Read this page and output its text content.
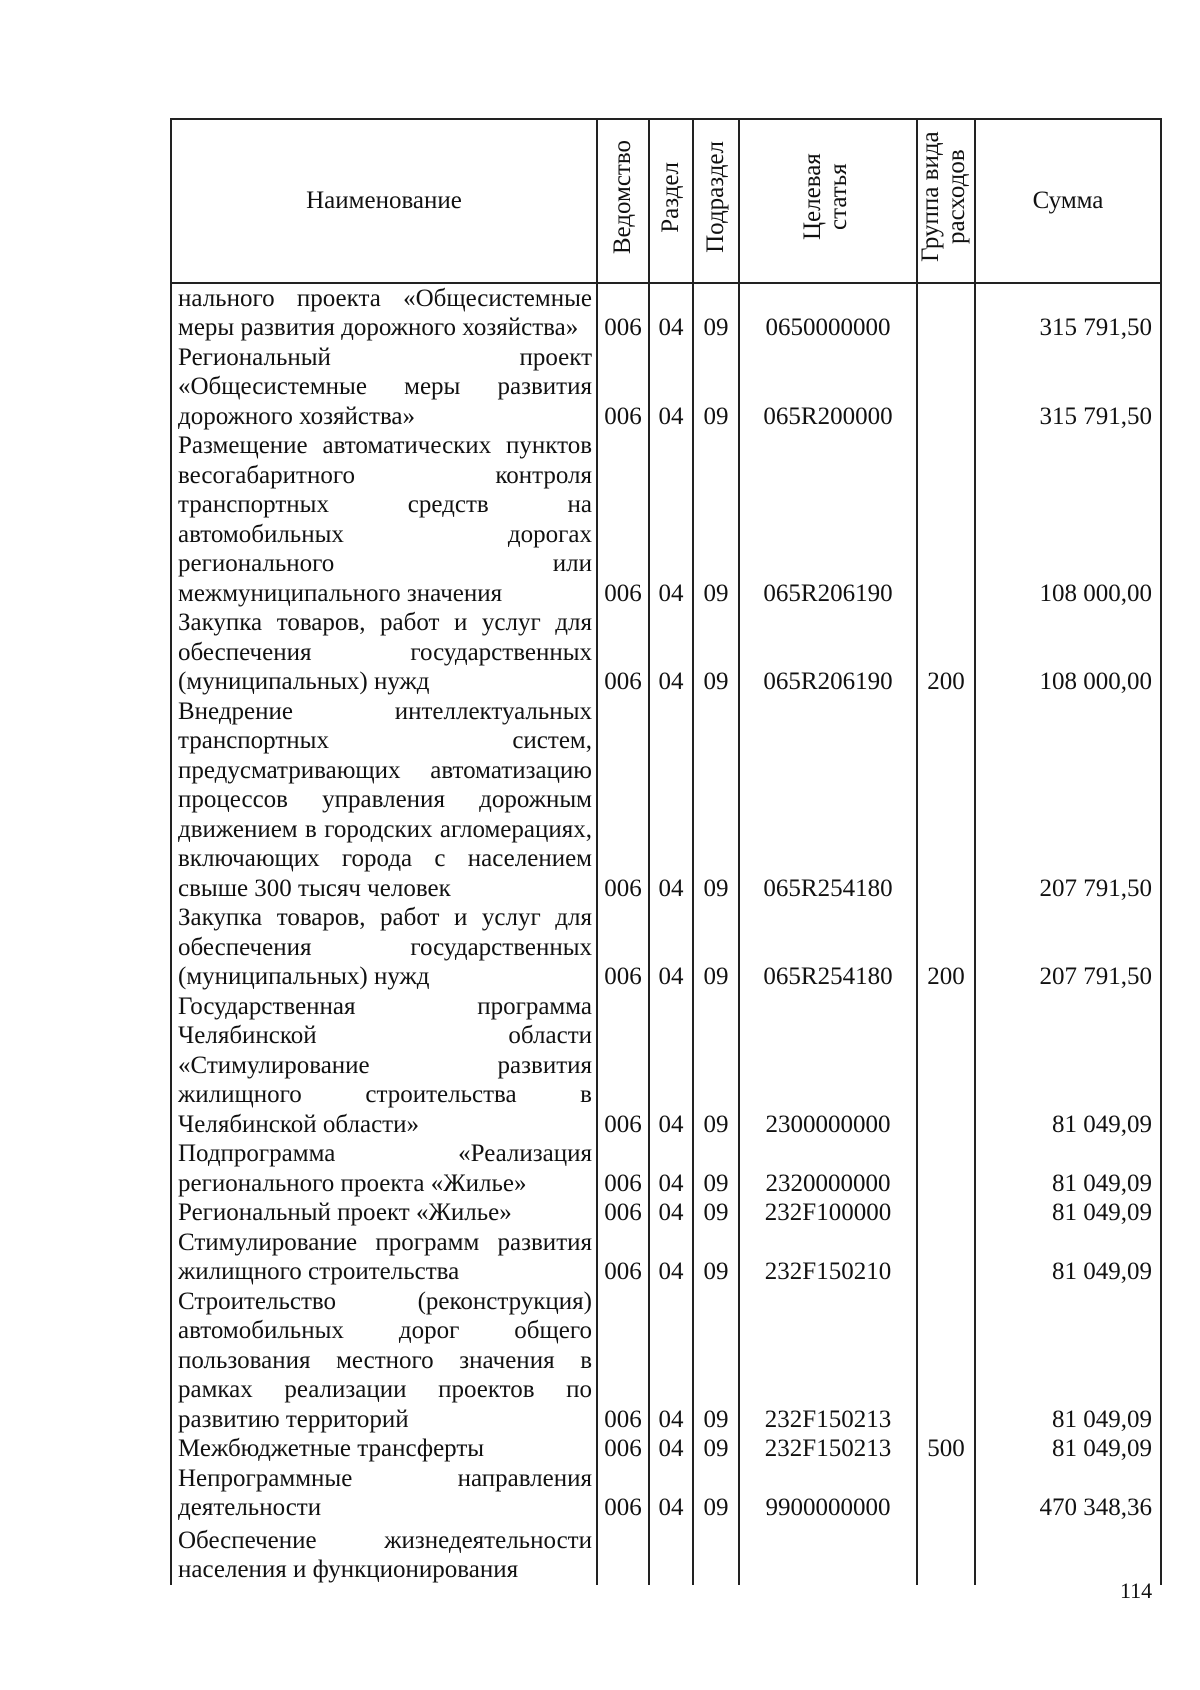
Наименование	Ведомство	Раздел	Подраздел	Целевая статья	Группа вида расходов	Сумма
нального проекта «Общесистемные меры развития дорожного хозяйства»	006	04	09	0650000000		315 791,50
Региональный проект «Общесистемные меры развития дорожного хозяйства»	006	04	09	065R200000		315 791,50
Размещение автоматических пунктов весогабаритного контроля транспортных средств на автомобильных дорогах регионального или межмуниципального значения	006	04	09	065R206190		108 000,00
Закупка товаров, работ и услуг для обеспечения государственных (муниципальных) нужд	006	04	09	065R206190	200	108 000,00
Внедрение интеллектуальных транспортных систем, предусматривающих автоматизацию процессов управления дорожным движением в городских агломерациях, включающих города с населением свыше 300 тысяч человек	006	04	09	065R254180		207 791,50
Закупка товаров, работ и услуг для обеспечения государственных (муниципальных) нужд	006	04	09	065R254180	200	207 791,50
Государственная программа Челябинской области «Стимулирование развития жилищного строительства в Челябинской области»	006	04	09	2300000000		81 049,09
Подпрограмма «Реализация регионального проекта «Жилье»	006	04	09	2320000000		81 049,09
Региональный проект «Жилье»	006	04	09	232F100000		81 049,09
Стимулирование программ развития жилищного строительства	006	04	09	232F150210		81 049,09
Строительство (реконструкция) автомобильных дорог общего пользования местного значения в рамках реализации проектов по развитию территорий	006	04	09	232F150213		81 049,09
Межбюджетные трансферты	006	04	09	232F150213	500	81 049,09
Непрограммные направления деятельности	006	04	09	9900000000		470 348,36
Обеспечение жизнедеятельности населения и функционирования						
114
